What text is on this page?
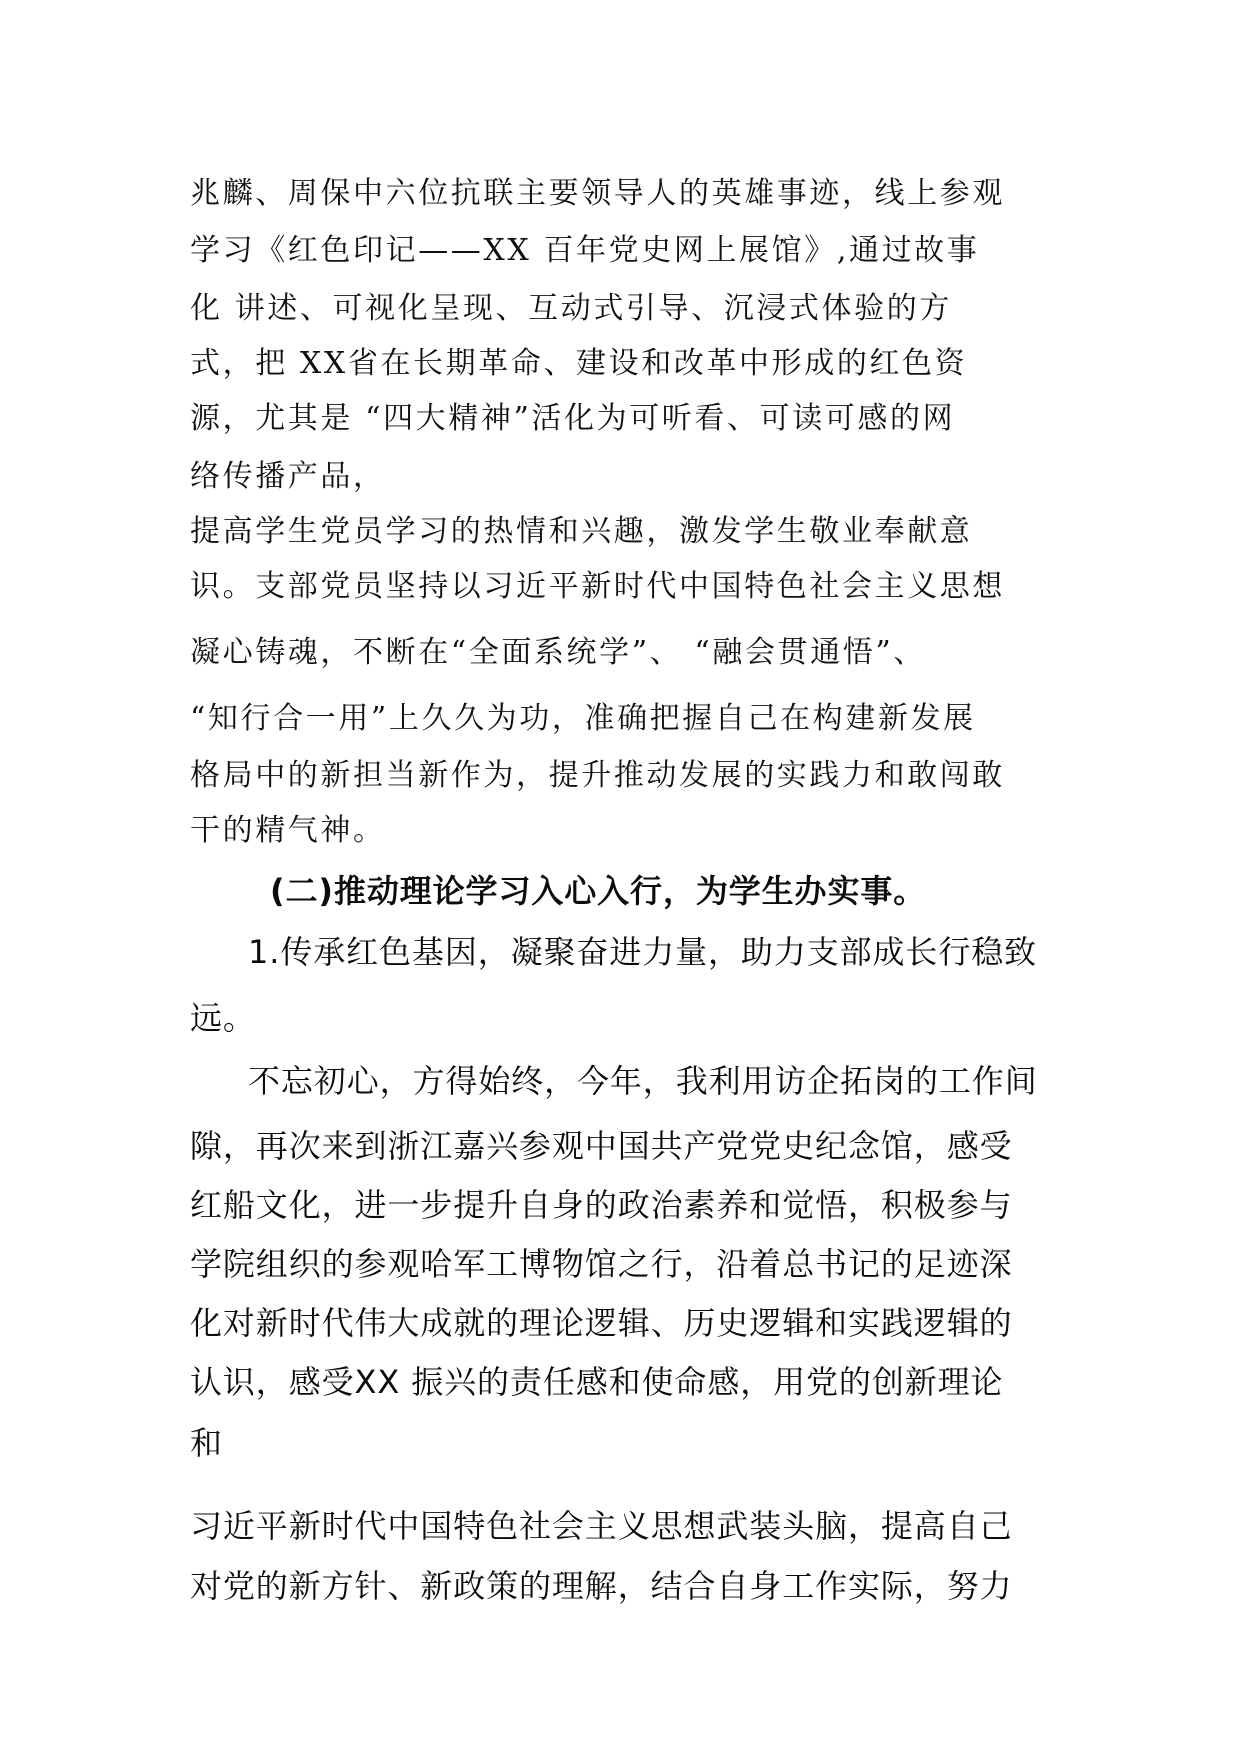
兆麟、周保中六位抗联主要领导人的英雄事迹，线上参观
学习《红色印记——XX 百年党史网上展馆》,通过故事
化 讲述、可视化呈现、互动式引导、沉浸式体验的方
式，把 XX省在长期革命、建设和改革中形成的红色资
源，尤其是 “四大精神”活化为可听看、可读可感的网
络传播产品，
提高学生党员学习的热情和兴趣，激发学生敬业奉献意
识。支部党员坚持以习近平新时代中国特色社会主义思想
凝心铸魂，不断在“全面系统学”、 “融会贯通悟”、
“知行合一用”上久久为功，准确把握自己在构建新发展
格局中的新担当新作为，提升推动发展的实践力和敢闯敢
干的精气神。
(二)推动理论学习入心入行，为学生办实事。
1.传承红色基因，凝聚奋进力量，助力支部成长行稳致
远。
不忘初心，方得始终，今年，我利用访企拓岗的工作间
隙，再次来到浙江嘉兴参观中国共产党党史纪念馆，感受
红船文化，进一步提升自身的政治素养和觉悟，积极参与
学院组织的参观哈军工博物馆之行，沿着总书记的足迹深
化对新时代伟大成就的理论逻辑、历史逻辑和实践逻辑的
认识，感受XX 振兴的责任感和使命感，用党的创新理论
和
习近平新时代中国特色社会主义思想武装头脑，提高自己
对党的新方针、新政策的理解，结合自身工作实际，努力
